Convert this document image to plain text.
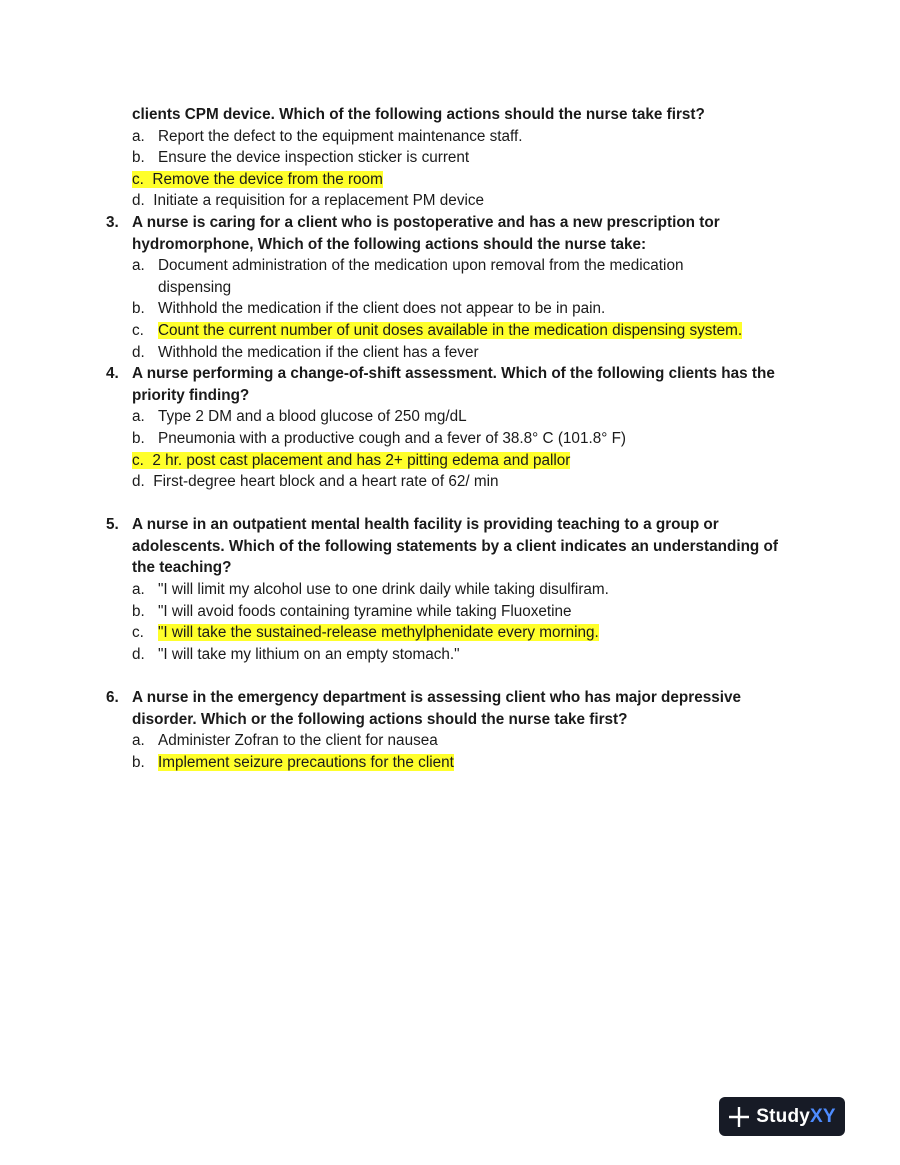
clients CPM device. Which of the following actions should the nurse take first?
a. Report the defect to the equipment maintenance staff.
b. Ensure the device inspection sticker is current
c. Remove the device from the room
d. Initiate a requisition for a replacement PM device
3. A nurse is caring for a client who is postoperative and has a new prescription tor
hydromorphone, Which of the following actions should the nurse take:
a. Document administration of the medication upon removal from the medication dispensing
b. Withhold the medication if the client does not appear to be in pain.
c. Count the current number of unit doses available in the medication dispensing system.
d. Withhold the medication if the client has a fever
4. A nurse performing a change-of-shift assessment. Which of the following clients has the
priority finding?
a. Type 2 DM and a blood glucose of 250 mg/dL
b. Pneumonia with a productive cough and a fever of 38.8° C (101.8° F)
c. 2 hr. post cast placement and has 2+ pitting edema and pallor
d. First-degree heart block and a heart rate of 62/ min
5. A nurse in an outpatient mental health facility is providing teaching to a group or
adolescents. Which of the following statements by a client indicates an understanding of
the teaching?
a. "I will limit my alcohol use to one drink daily while taking disulfiram.
b. "I will avoid foods containing tyramine while taking Fluoxetine
c. "I will take the sustained-release methylphenidate every morning.
d. "I will take my lithium on an empty stomach."
6. A nurse in the emergency department is assessing client who has major depressive
disorder. Which or the following actions should the nurse take first?
a. Administer Zofran to the client for nausea
b. Implement seizure precautions for the client
StudyXY
